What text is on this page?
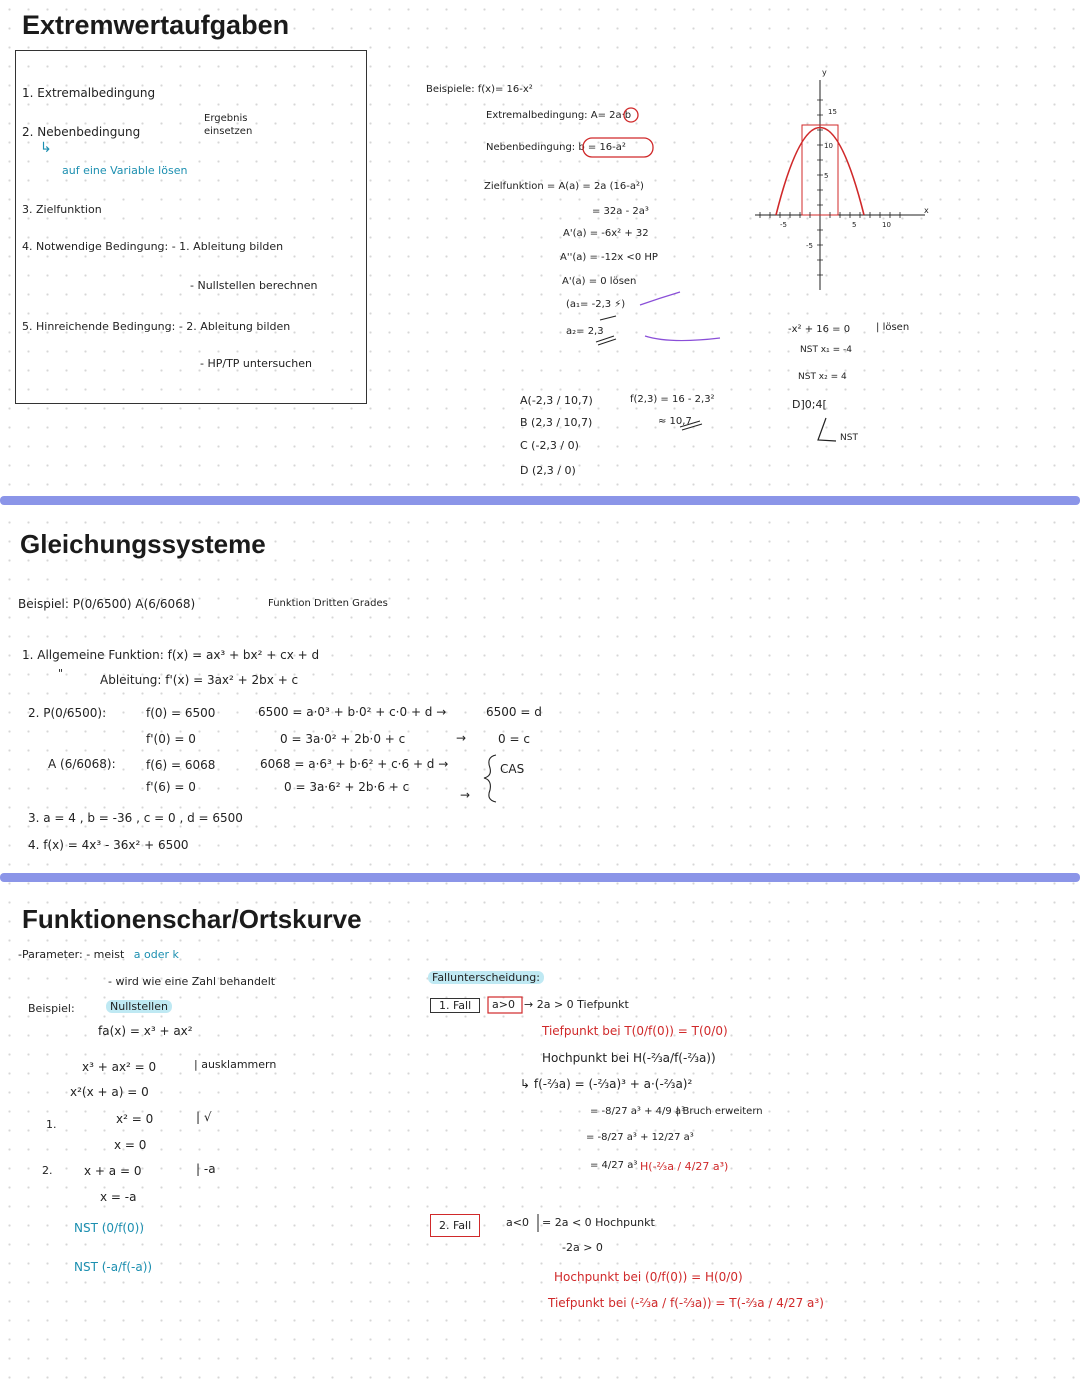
Extremwertaufgaben
1. Extremalbedingung
2. Nebenbedingung
Ergebnis einsetzen
↳
auf eine Variable lösen
3. Zielfunktion
4. Notwendige Bedingung: - 1. Ableitung bilden
- Nullstellen berechnen
5. Hinreichende Bedingung: - 2. Ableitung bilden
- HP/TP untersuchen
Beispiele: f(x)= 16-x²
Extremalbedingung: A= 2a·b
Nebenbedingung: b = 16-a²
Zielfunktion = A(a) = 2a (16-a²)
= 32a - 2a³
A'(a) = -6x² + 32
A''(a) = -12x <0 HP
A'(a) = 0 lösen
(a₁= -2,3 ⚡)
a₂= 2,3
A(-2,3 / 10,7)
B (2,3 / 10,7)
C (-2,3 / 0)
D (2,3 / 0)
f(2,3) = 16 - 2,3²
≈ 10,7
-x² + 16 = 0	| lösen
NST x₁ = -4
NST x₂ = 4
D]0;4[
NST
y
x
-5	5	10
-5
5
10
15
Gleichungssysteme
Beispiel: P(0/6500) A(6/6068)	Funktion Dritten Grades
1. Allgemeine Funktion: f(x) = ax³ + bx² + cx + d
"	Ableitung: f'(x) = 3ax² + 2bx + c
2. P(0/6500):	f(0) = 6500
f'(0) = 0
A (6/6068):	f(6) = 6068
f'(6) = 0
6500 = a·0³ + b·0² + c·0 + d →
0 = 3a·0² + 2b·0 + c	→
6068 = a·6³ + b·6² + c·6 + d →
0 = 3a·6² + 2b·6 + c
→
6500 = d
0 = c
CAS
3. a = 4 , b = -36 , c = 0 , d = 6500
4. f(x) = 4x³ - 36x² + 6500
Funktionenschar/Ortskurve
-Parameter: - meist a oder k
- wird wie eine Zahl behandelt
Beispiel:	Nullstellen
fa(x) = x³ + ax²
x³ + ax² = 0	| ausklammern
x²(x + a) = 0
1.	x² = 0	| √
x = 0
2.	x + a = 0	| -a
x = -a
NST (0/f(0))
NST (-a/f(-a))
Fallunterscheidung:
1. Fall	a>0 → 2a > 0 Tiefpunkt
Tiefpunkt bei T(0/f(0)) = T(0/0)
Hochpunkt bei H(-⅔a/f(-⅔a))
↳ f(-⅔a) = (-⅔a)³ + a·(-⅔a)²
= -8/27 a³ + 4/9 a³
| Bruch erweitern
= -8/27 a³ + 12/27 a³
= 4/27 a³ H(-⅔a / 4/27 a³)
2. Fall	a<0 = 2a < 0 Hochpunkt
-2a > 0
Hochpunkt bei (0/f(0)) = H(0/0)
Tiefpunkt bei (-⅔a / f(-⅔a)) = T(-⅔a / 4/27 a³)
